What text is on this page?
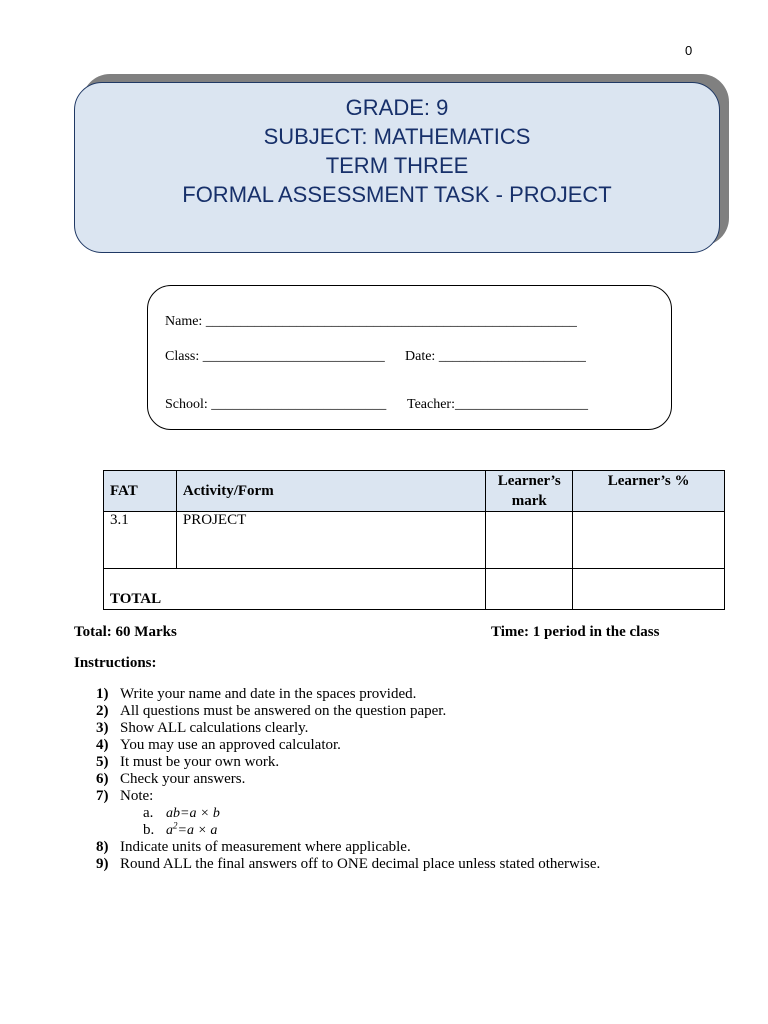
0
GRADE: 9
SUBJECT: MATHEMATICS
TERM THREE
FORMAL ASSESSMENT TASK - PROJECT
Name: _____________________________________________________
Class: __________________________ Date: _____________________
School: _________________________ Teacher:___________________
FAT	Activity/Form	Learner’s mark	Learner’s %
3.1	PROJECT		
TOTAL			
Total: 60 Marks	Time: 1 period in the class
Instructions:
1) Write your name and date in the spaces provided.
2) All questions must be answered on the question paper.
3) Show ALL calculations clearly.
4) You may use an approved calculator.
5) It must be your own work.
6) Check your answers.
7) Note:
a. ab=a × b
b. $a^2=a \times a$
8) Indicate units of measurement where applicable.
9) Round ALL the final answers off to ONE decimal place unless stated otherwise.
